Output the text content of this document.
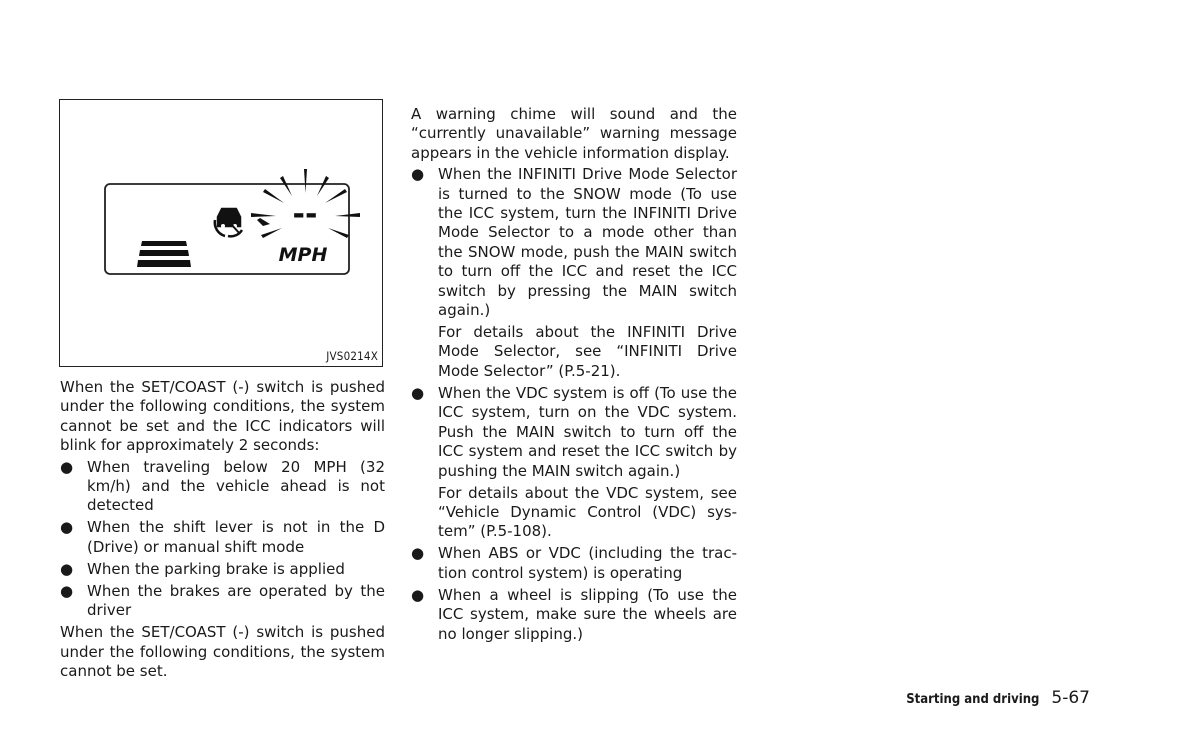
--
MPH
JVS0214X

When the SET/COAST (-) switch is pushed under the following conditions, the system cannot be set and the ICC indicators will blink for approximately 2 seconds:

● When traveling below 20 MPH (32 km/h) and the vehicle ahead is not detected
● When the shift lever is not in the D (Drive) or manual shift mode
● When the parking brake is applied
● When the brakes are operated by the driver

When the SET/COAST (-) switch is pushed under the following conditions, the system cannot be set.

A warning chime will sound and the “currently unavailable” warning message appears in the vehicle information display.

● When the INFINITI Drive Mode Selector is turned to the SNOW mode (To use the ICC system, turn the INFINITI Drive Mode Selector to a mode other than the SNOW mode, push the MAIN switch to turn off the ICC and reset the ICC switch by pressing the MAIN switch again.)
For details about the INFINITI Drive Mode Selector, see “INFINITI Drive Mode Selector” (P.5-21).
● When the VDC system is off (To use the ICC system, turn on the VDC system. Push the MAIN switch to turn off the ICC system and reset the ICC switch by pushing the MAIN switch again.)
For details about the VDC system, see “Vehicle Dynamic Control (VDC) system” (P.5-108).
● When ABS or VDC (including the traction control system) is operating
● When a wheel is slipping (To use the ICC system, make sure the wheels are no longer slipping.)
Starting and driving 5-67
